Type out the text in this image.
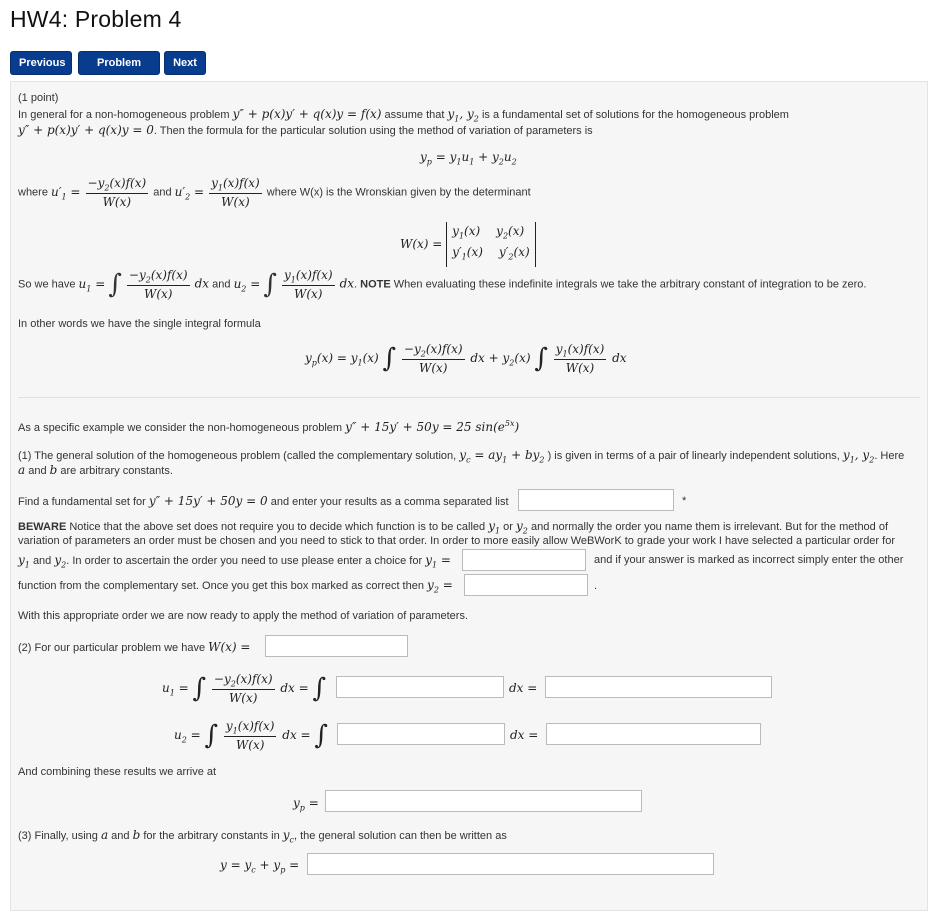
HW4: Problem 4
Previous	Problem	Next
(1 point)
In general for a non-homogeneous problem y″ + p(x)y′ + q(x)y = f(x) assume that $y_1$, $y_2$ is a fundamental set of solutions for the homogeneous problem
y″ + p(x)y′ + q(x)y = 0. Then the formula for the particular solution using the method of variation of parameters is
$y_p = y_1u_1 + y_2u_2$
where $u'_1 = \frac{-y_2(x)f(x)}{W(x)}$ and $u'_2 = \frac{y_1(x)f(x)}{W(x)}$ where W(x) is the Wronskian given by the determinant
W(x) =
$y_1(x)$ $y_2(x)$
$y'_1(x)$ $y'_2(x)$
So we have $u_1$ = ∫ $\frac{-y_2(x)f(x)}{W(x)}$ dx and $u_2$ = ∫ $\frac{y_1(x)f(x)}{W(x)}$ dx. NOTE When evaluating these indefinite integrals we take the arbitrary constant of integration to be zero.
In other words we have the single integral formula
$y_p(x) = y_1(x)$ ∫ $\frac{-y_2(x)f(x)}{W(x)}$ dx + $y_2(x)$ ∫ $\frac{y_1(x)f(x)}{W(x)}$ dx
As a specific example we consider the non-homogeneous problem y″ + 15y′ + 50y = 25 $\sin(e^{5x})$
(1) The general solution of the homogeneous problem (called the complementary solution, $y_c = ay_1 + by_2$ ) is given in terms of a pair of linearly independent solutions, $y_1$, $y_2$. Here
a and b are arbitrary constants.
Find a fundamental set for y″ + 15y′ + 50y = 0 and enter your results as a comma separated list	*
BEWARE Notice that the above set does not require you to decide which function is to be called $y_1$ or $y_2$ and normally the order you name them is irrelevant. But for the method of
variation of parameters an order must be chosen and you need to stick to that order. In order to more easily allow WeBWorK to grade your work I have selected a particular order for
$y_1$ and $y_2$. In order to ascertain the order you need to use please enter a choice for $y_1$ =	and if your answer is marked as incorrect simply enter the other
function from the complementary set. Once you get this box marked as correct then $y_2$ =	.
With this appropriate order we are now ready to apply the method of variation of parameters.
(2) For our particular problem we have W(x) =
$u_1$ = ∫ $\frac{-y_2(x)f(x)}{W(x)}$ dx = ∫	dx =
$u_2$ = ∫ $\frac{y_1(x)f(x)}{W(x)}$ dx = ∫	dx =
And combining these results we arrive at
$y_p$ =
(3) Finally, using a and b for the arbitrary constants in $y_c$, the general solution can then be written as
$y = y_c + y_p$ =
